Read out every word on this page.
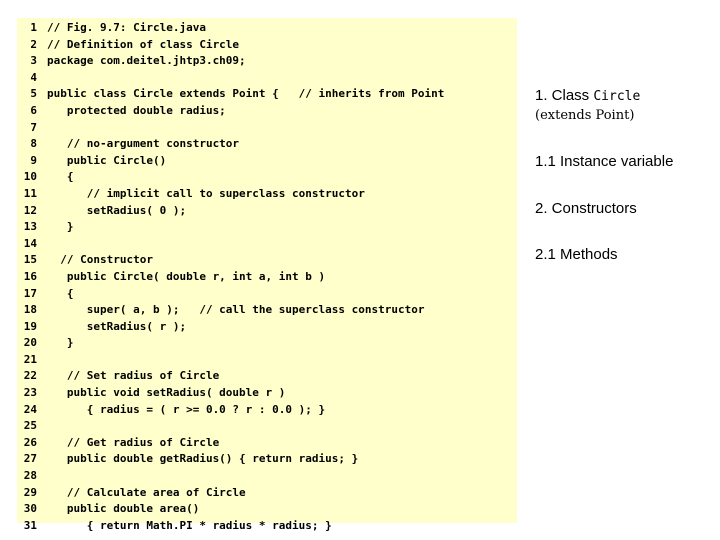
1 // Fig. 9.7: Circle.java
2 // Definition of class Circle
3 package com.deitel.jhtp3.ch09;
4
5 public class Circle extends Point {   // inherits from Point
6 protected double radius;
7
8 // no-argument constructor
9 public Circle()
10 {
11 // implicit call to superclass constructor
12 setRadius( 0 );
13 }
14
15 // Constructor
16 public Circle( double r, int a, int b )
17 {
18 super( a, b );   // call the superclass constructor
19 setRadius( r );
20 }
21
22 // Set radius of Circle
23 public void setRadius( double r )
24 { radius = ( r >= 0.0 ? r : 0.0 ); }
25
26 // Get radius of Circle
27 public double getRadius() { return radius; }
28
29 // Calculate area of Circle
30 public double area()
31 { return Math.PI * radius * radius; }
1. Class Circle
(extends Point)
1.1 Instance variable
2. Constructors
2.1 Methods
